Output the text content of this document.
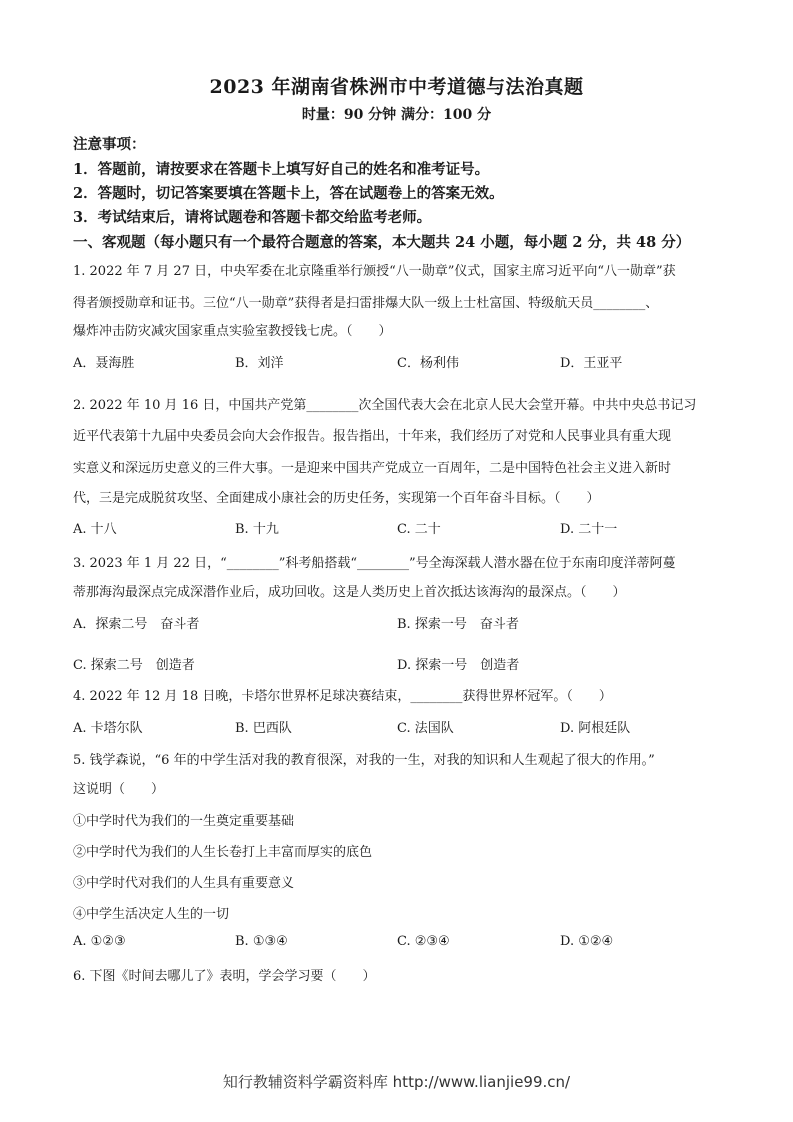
2023 年湖南省株洲市中考道德与法治真题
时量：90 分钟 满分：100 分
注意事项：
1．答题前，请按要求在答题卡上填写好自己的姓名和准考证号。
2．答题时，切记答案要填在答题卡上，答在试题卷上的答案无效。
3．考试结束后，请将试题卷和答题卡都交给监考老师。
一、客观题（每小题只有一个最符合题意的答案，本大题共 24 小题，每小题 2 分，共 48 分）
1. 2022 年 7 月 27 日，中央军委在北京隆重举行颁授“八一勋章”仪式，国家主席习近平向“八一勋章”获
得者颁授勋章和证书。三位“八一勋章”获得者是扫雷排爆大队一级上士杜富国、特级航天员________、
爆炸冲击防灾减灾国家重点实验室教授钱七虎。（　　）
A．聂海胜	B．刘洋	C．杨利伟	D．王亚平
2. 2022 年 10 月 16 日，中国共产党第________次全国代表大会在北京人民大会堂开幕。中共中央总书记习
近平代表第十九届中央委员会向大会作报告。报告指出，十年来，我们经历了对党和人民事业具有重大现
实意义和深远历史意义的三件大事。一是迎来中国共产党成立一百周年，二是中国特色社会主义进入新时
代，三是完成脱贫攻坚、全面建成小康社会的历史任务，实现第一个百年奋斗目标。（　　）
A. 十八	B. 十九	C. 二十	D. 二十一
3. 2023 年 1 月 22 日，“________”科考船搭载“________”号全海深载人潜水器在位于东南印度洋蒂阿蔓
蒂那海沟最深点完成深潜作业后，成功回收。这是人类历史上首次抵达该海沟的最深点。（　　）
A．探索二号　奋斗者	B. 探索一号　奋斗者
C. 探索二号　创造者	D. 探索一号　创造者
4. 2022 年 12 月 18 日晚，卡塔尔世界杯足球决赛结束，________获得世界杯冠军。（　　）
A. 卡塔尔队	B. 巴西队	C. 法国队	D. 阿根廷队
5. 钱学森说，“6 年的中学生活对我的教育很深，对我的一生，对我的知识和人生观起了很大的作用。”
这说明（　　）
①中学时代为我们的一生奠定重要基础
②中学时代为我们的人生长卷打上丰富而厚实的底色
③中学时代对我们的人生具有重要意义
④中学生活决定人生的一切
A. ①②③	B. ①③④	C. ②③④	D. ①②④
6. 下图《时间去哪儿了》表明，学会学习要（　　）
知行教辅资料学霸资料库 http://www.lianjie99.cn/
